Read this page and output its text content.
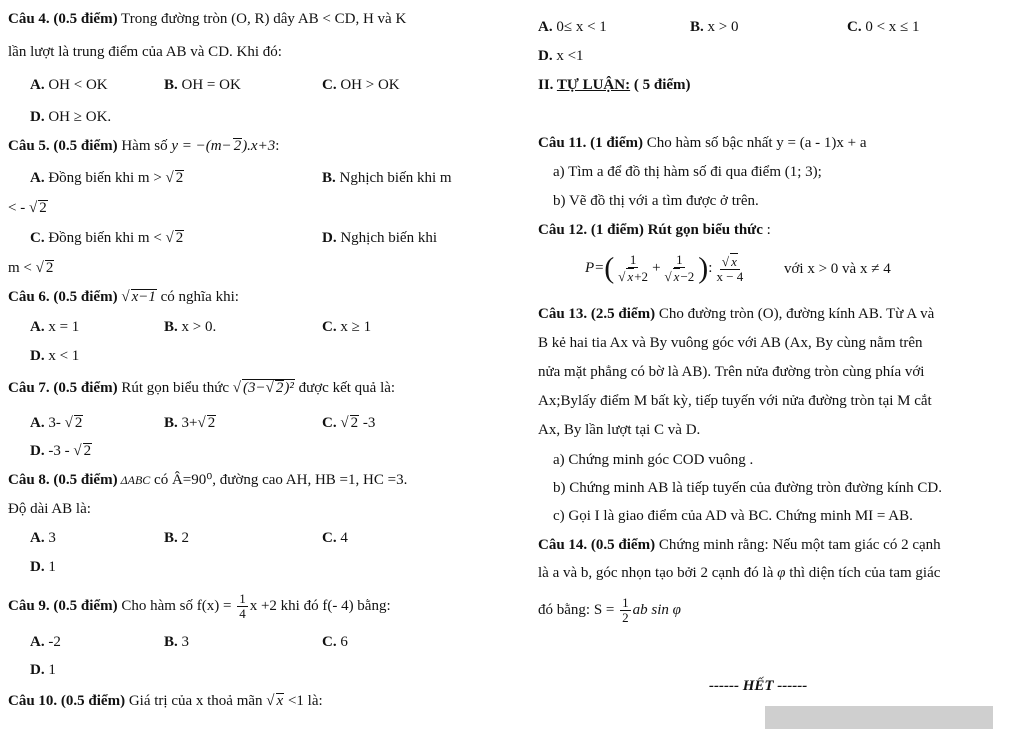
Câu 4. (0.5 điểm) Trong đường tròn (O, R) dây AB < CD, H và K
lần lượt là trung điểm của AB và CD. Khi đó:
A. OH < OK	B. OH = OK	C. OH > OK
D. OH ≥ OK.
Câu 5. (0.5 điểm) Hàm số y = −(m− 2).x+3:
A. Đồng biến khi m > √ 2	B. Nghịch biến khi m
< - √ 2
C. Đồng biến khi m < √ 2	D. Nghịch biến khi
m < √ 2
Câu 6. (0.5 điểm) √ x−1 có nghĩa khi:
A. x = 1	B. x > 0.	C. x ≥ 1
D. x < 1
Câu 7. (0.5 điểm) Rút gọn biểu thức √ (3−√ 2)² được kết quả là:
A. 3- √ 2	B. 3+√ 2	C. √ 2 -3
D. -3 - √ 2
Câu 8. (0.5 điểm) ΔABC có Â=90⁰, đường cao AH, HB =1, HC =3.
Độ dài AB là:
A. 3	B. 2	C. 4
D. 1
Câu 9. (0.5 điểm) Cho hàm số $f(x) = \frac{1}{4}$ x +2 khi đó f(- 4) bằng:
A. -2	B. 3	C. 6
D. 1
Câu 10. (0.5 điểm) Giá trị của x thoả mãn √ x <1 là:
A. 0≤ x < 1	B. x > 0	C. 0 < x ≤ 1
D. x <1
II. TỰ LUẬN: ( 5 điểm)
Câu 11. (1 điểm) Cho hàm số bậc nhất y = (a - 1)x + a
a) Tìm a để đồ thị hàm số đi qua điểm (1; 3);
b) Vẽ đồ thị với a tìm được ở trên.
Câu 12. (1 điểm) Rút gọn biểu thức :
$P=( \frac{1}{√ x+2} + \frac{1}{√ x-2}$ ): $\frac{√ x}{x - 4}$	với x > 0 và x ≠ 4
Câu 13. (2.5 điểm) Cho đường tròn (O), đường kính AB. Từ A và
B kẻ hai tia Ax và By vuông góc với AB (Ax, By cùng nằm trên
nửa mặt phẳng có bờ là AB). Trên nửa đường tròn cùng phía với
Ax;Bylấy điểm M bất kỳ, tiếp tuyến với nửa đường tròn tại M cắt
Ax, By lần lượt tại C và D.
a) Chứng minh góc COD vuông .
b) Chứng minh AB là tiếp tuyến của đường tròn đường kính CD.
c) Gọi I là giao điểm của AD và BC. Chứng minh MI = AB.
Câu 14. (0.5 điểm) Chứng minh rằng: Nếu một tam giác có 2 cạnh
là a và b, góc nhọn tạo bởi 2 cạnh đó là φ thì diện tích của tam giác
đó bằng: $S = \frac{1}{2}$ ab sin φ
------ HẾT ------
